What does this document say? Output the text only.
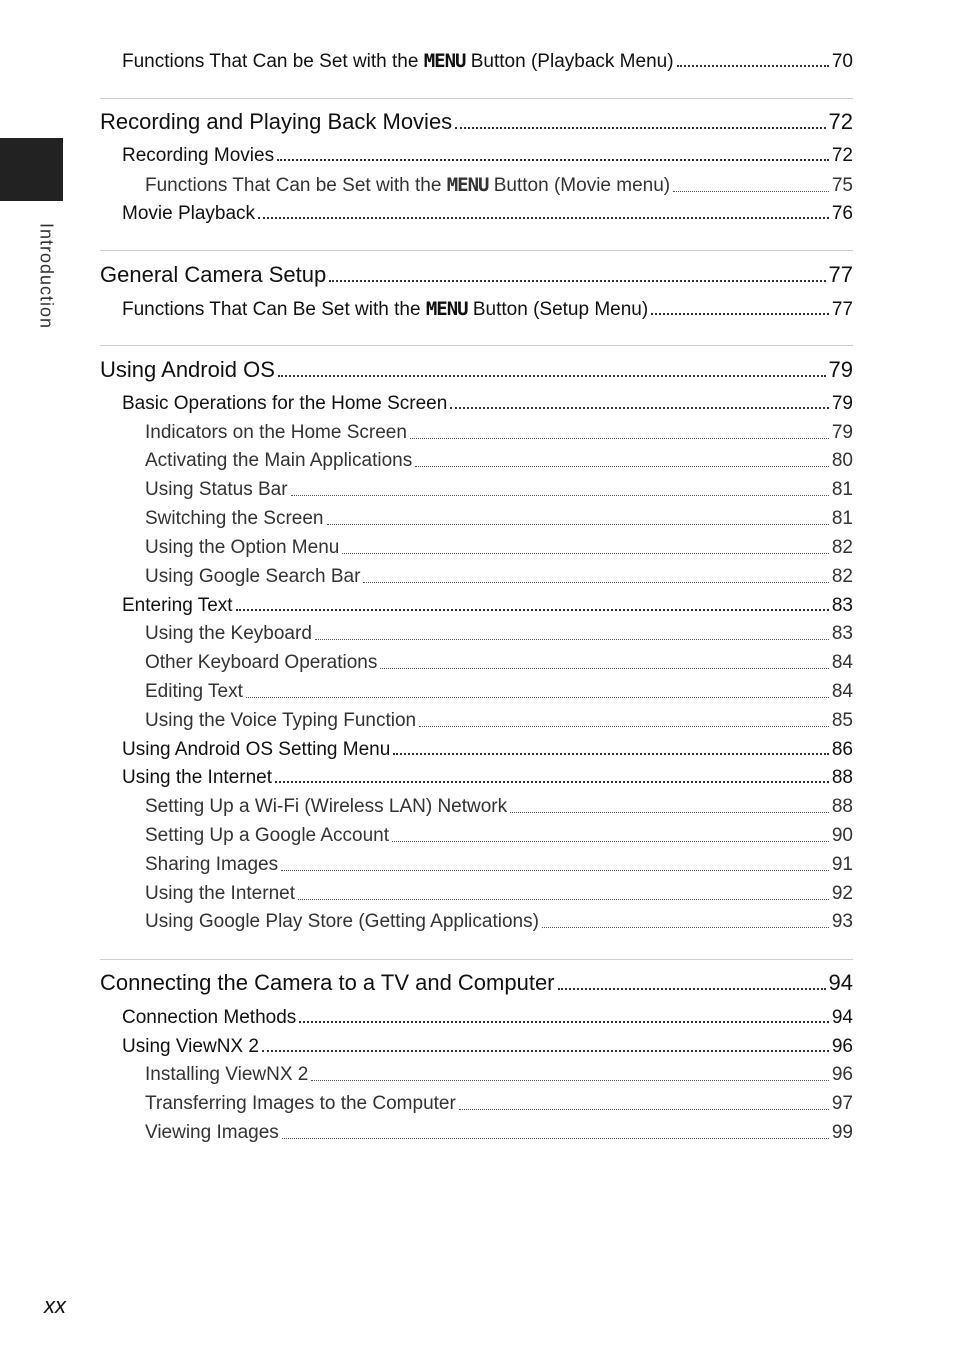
Introduction
Functions That Can be Set with the MENU Button (Playback Menu)	70
Recording and Playing Back Movies	72
Recording Movies	72
Functions That Can be Set with the MENU Button (Movie menu)	75
Movie Playback	76
General Camera Setup	77
Functions That Can Be Set with the MENU Button (Setup Menu)	77
Using Android OS	79
Basic Operations for the Home Screen	79
Indicators on the Home Screen	79
Activating the Main Applications	80
Using Status Bar	81
Switching the Screen	81
Using the Option Menu	82
Using Google Search Bar	82
Entering Text	83
Using the Keyboard	83
Other Keyboard Operations	84
Editing Text	84
Using the Voice Typing Function	85
Using Android OS Setting Menu	86
Using the Internet	88
Setting Up a Wi-Fi (Wireless LAN) Network	88
Setting Up a Google Account	90
Sharing Images	91
Using the Internet	92
Using Google Play Store (Getting Applications)	93
Connecting the Camera to a TV and Computer	94
Connection Methods	94
Using ViewNX 2	96
Installing ViewNX 2	96
Transferring Images to the Computer	97
Viewing Images	99
xx
